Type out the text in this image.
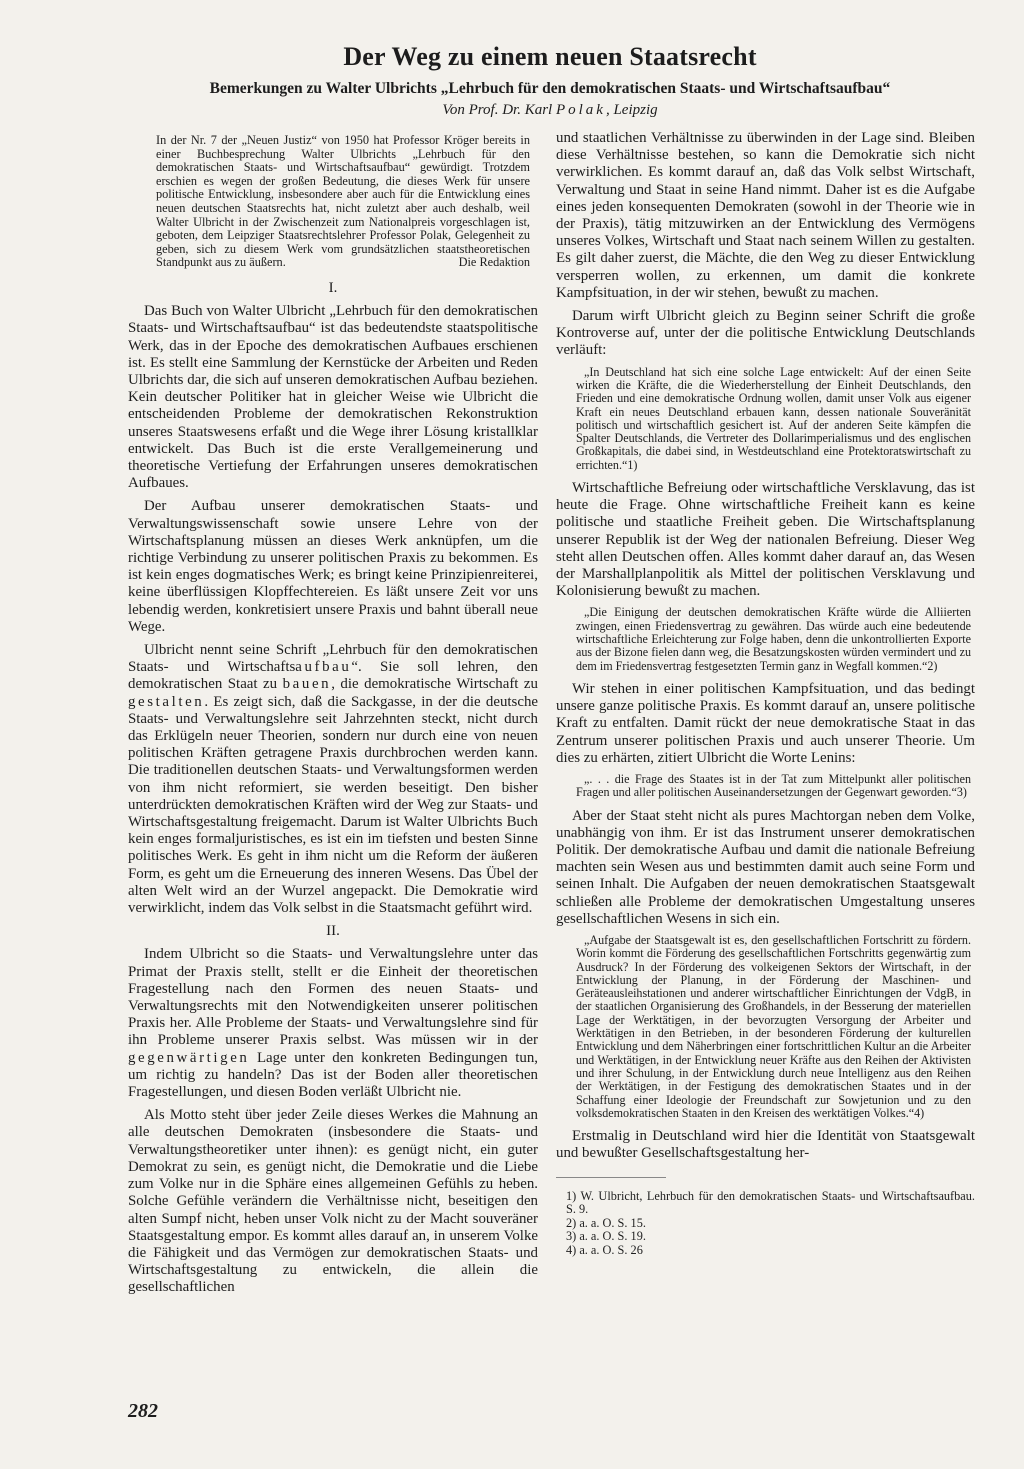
Der Weg zu einem neuen Staatsrecht
Bemerkungen zu Walter Ulbrichts „Lehrbuch für den demokratischen Staats- und Wirtschaftsaufbau“
Von Prof. Dr. Karl Polak, Leipzig
In der Nr. 7 der „Neuen Justiz“ von 1950 hat Professor Kröger bereits in einer Buchbesprechung Walter Ulbrichts „Lehrbuch für den demokratischen Staats- und Wirtschaftsaufbau“ gewürdigt. Trotzdem erschien es wegen der großen Bedeutung, die dieses Werk für unsere politische Entwicklung, insbesondere aber auch für die Entwicklung eines neuen deutschen Staatsrechts hat, nicht zuletzt aber auch deshalb, weil Walter Ulbricht in der Zwischenzeit zum Nationalpreis vorgeschlagen ist, geboten, dem Leipziger Staatsrechtslehrer Professor Polak, Gelegenheit zu geben, sich zu diesem Werk vom grundsätzlichen staatstheoretischen Standpunkt aus zu äußern.	Die Redaktion
I.

Das Buch von Walter Ulbricht „Lehrbuch für den demokratischen Staats- und Wirtschaftsaufbau“ ist das bedeutendste staatspolitische Werk, das in der Epoche des demokratischen Aufbaues erschienen ist. Es stellt eine Sammlung der Kernstücke der Arbeiten und Reden Ulbrichts dar, die sich auf unseren demokratischen Aufbau beziehen. Kein deutscher Politiker hat in gleicher Weise wie Ulbricht die entscheidenden Probleme der demokratischen Rekonstruktion unseres Staatswesens erfaßt und die Wege ihrer Lösung kristallklar entwickelt. Das Buch ist die erste Verallgemeinerung und theoretische Vertiefung der Erfahrungen unseres demokratischen Aufbaues.

Der Aufbau unserer demokratischen Staats- und Verwaltungswissenschaft sowie unsere Lehre von der Wirtschaftsplanung müssen an dieses Werk anknüpfen, um die richtige Verbindung zu unserer politischen Praxis zu bekommen. Es ist kein enges dogmatisches Werk; es bringt keine Prinzipienreiterei, keine überflüssigen Klopffechtereien. Es läßt unsere Zeit vor uns lebendig werden, konkretisiert unsere Praxis und bahnt überall neue Wege.

Ulbricht nennt seine Schrift „Lehrbuch für den demokratischen Staats- und Wirtschaftsaufbau“. Sie soll lehren, den demokratischen Staat zu bauen, die demokratische Wirtschaft zu gestalten. Es zeigt sich, daß die Sackgasse, in der die deutsche Staats- und Verwaltungslehre seit Jahrzehnten steckt, nicht durch das Erklügeln neuer Theorien, sondern nur durch eine von neuen politischen Kräften getragene Praxis durchbrochen werden kann. Die traditionellen deutschen Staats- und Verwaltungsformen werden von ihm nicht reformiert, sie werden beseitigt. Den bisher unterdrückten demokratischen Kräften wird der Weg zur Staats- und Wirtschaftsgestaltung freigemacht. Darum ist Walter Ulbrichts Buch kein enges formaljuristisches, es ist ein im tiefsten und besten Sinne politisches Werk. Es geht in ihm nicht um die Reform der äußeren Form, es geht um die Erneuerung des inneren Wesens. Das Übel der alten Welt wird an der Wurzel angepackt. Die Demokratie wird verwirklicht, indem das Volk selbst in die Staatsmacht geführt wird.

II.

Indem Ulbricht so die Staats- und Verwaltungslehre unter das Primat der Praxis stellt, stellt er die Einheit der theoretischen Fragestellung nach den Formen des neuen Staats- und Verwaltungsrechts mit den Notwendigkeiten unserer politischen Praxis her. Alle Probleme der Staats- und Verwaltungslehre sind für ihn Probleme unserer Praxis selbst. Was müssen wir in der gegenwärtigen Lage unter den konkreten Bedingungen tun, um richtig zu handeln? Das ist der Boden aller theoretischen Fragestellungen, und diesen Boden verläßt Ulbricht nie.

Als Motto steht über jeder Zeile dieses Werkes die Mahnung an alle deutschen Demokraten (insbesondere die Staats- und Verwaltungstheoretiker unter ihnen): es genügt nicht, ein guter Demokrat zu sein, es genügt nicht, die Demokratie und die Liebe zum Volke nur in die Sphäre eines allgemeinen Gefühls zu heben. Solche Gefühle verändern die Verhältnisse nicht, beseitigen den alten Sumpf nicht, heben unser Volk nicht zu der Macht souveräner Staatsgestaltung empor. Es kommt alles darauf an, in unserem Volke die Fähigkeit und das Vermögen zur demokratischen Staats- und Wirtschaftsgestaltung zu entwickeln, die allein die gesellschaftlichen

und staatlichen Verhältnisse zu überwinden in der Lage sind. Bleiben diese Verhältnisse bestehen, so kann die Demokratie sich nicht verwirklichen. Es kommt darauf an, daß das Volk selbst Wirtschaft, Verwaltung und Staat in seine Hand nimmt. Daher ist es die Aufgabe eines jeden konsequenten Demokraten (sowohl in der Theorie wie in der Praxis), tätig mitzuwirken an der Entwicklung des Vermögens unseres Volkes, Wirtschaft und Staat nach seinem Willen zu gestalten. Es gilt daher zuerst, die Mächte, die den Weg zu dieser Entwicklung versperren wollen, zu erkennen, um damit die konkrete Kampfsituation, in der wir stehen, bewußt zu machen.

Darum wirft Ulbricht gleich zu Beginn seiner Schrift die große Kontroverse auf, unter der die politische Entwicklung Deutschlands verläuft:

„In Deutschland hat sich eine solche Lage entwickelt: Auf der einen Seite wirken die Kräfte, die die Wiederherstellung der Einheit Deutschlands, den Frieden und eine demokratische Ordnung wollen, damit unser Volk aus eigener Kraft ein neues Deutschland erbauen kann, dessen nationale Souveränität politisch und wirtschaftlich gesichert ist. Auf der anderen Seite kämpfen die Spalter Deutschlands, die Vertreter des Dollarimperialismus und des englischen Großkapitals, die dabei sind, in Westdeutschland eine Protektoratswirtschaft zu errichten.“1)

Wirtschaftliche Befreiung oder wirtschaftliche Versklavung, das ist heute die Frage. Ohne wirtschaftliche Freiheit kann es keine politische und staatliche Freiheit geben. Die Wirtschaftsplanung unserer Republik ist der Weg der nationalen Befreiung. Dieser Weg steht allen Deutschen offen. Alles kommt daher darauf an, das Wesen der Marshallplanpolitik als Mittel der politischen Versklavung und Kolonisierung bewußt zu machen.

„Die Einigung der deutschen demokratischen Kräfte würde die Alliierten zwingen, einen Friedensvertrag zu gewähren. Das würde auch eine bedeutende wirtschaftliche Erleichterung zur Folge haben, denn die unkontrollierten Exporte aus der Bizone fielen dann weg, die Besatzungskosten würden vermindert und zu dem im Friedensvertrag festgesetzten Termin ganz in Wegfall kommen.“2)

Wir stehen in einer politischen Kampfsituation, und das bedingt unsere ganze politische Praxis. Es kommt darauf an, unsere politische Kraft zu entfalten. Damit rückt der neue demokratische Staat in das Zentrum unserer politischen Praxis und auch unserer Theorie. Um dies zu erhärten, zitiert Ulbricht die Worte Lenins:

„. . . die Frage des Staates ist in der Tat zum Mittelpunkt aller politischen Fragen und aller politischen Auseinandersetzungen der Gegenwart geworden.“3)

Aber der Staat steht nicht als pures Machtorgan neben dem Volke, unabhängig von ihm. Er ist das Instrument unserer demokratischen Politik. Der demokratische Aufbau und damit die nationale Befreiung machten sein Wesen aus und bestimmten damit auch seine Form und seinen Inhalt. Die Aufgaben der neuen demokratischen Staatsgewalt schließen alle Probleme der demokratischen Umgestaltung unseres gesellschaftlichen Wesens in sich ein.

„Aufgabe der Staatsgewalt ist es, den gesellschaftlichen Fortschritt zu fördern. Worin kommt die Förderung des gesellschaftlichen Fortschritts gegenwärtig zum Ausdruck? In der Förderung des volkeigenen Sektors der Wirtschaft, in der Entwicklung der Planung, in der Förderung der Maschinen- und Geräteausleihstationen und anderer wirtschaftlicher Einrichtungen der VdgB, in der staatlichen Organisierung des Großhandels, in der Besserung der materiellen Lage der Werktätigen, in der bevorzugten Versorgung der Arbeiter und Werktätigen in den Betrieben, in der besonderen Förderung der kulturellen Entwicklung und dem Näherbringen einer fortschrittlichen Kultur an die Arbeiter und Werktätigen, in der Entwicklung neuer Kräfte aus den Reihen der Aktivisten und ihrer Schulung, in der Entwicklung durch neue Intelligenz aus den Reihen der Werktätigen, in der Festigung des demokratischen Staates und in der Schaffung einer Ideologie der Freundschaft zur Sowjetunion und zu den volksdemokratischen Staaten in den Kreisen des werktätigen Volkes.“4)

Erstmalig in Deutschland wird hier die Identität von Staatsgewalt und bewußter Gesellschaftsgestaltung her-

1) W. Ulbricht, Lehrbuch für den demokratischen Staats- und Wirtschaftsaufbau. S. 9.
2) a. a. O. S. 15.
3) a. a. O. S. 19.
4) a. a. O. S. 26
282
